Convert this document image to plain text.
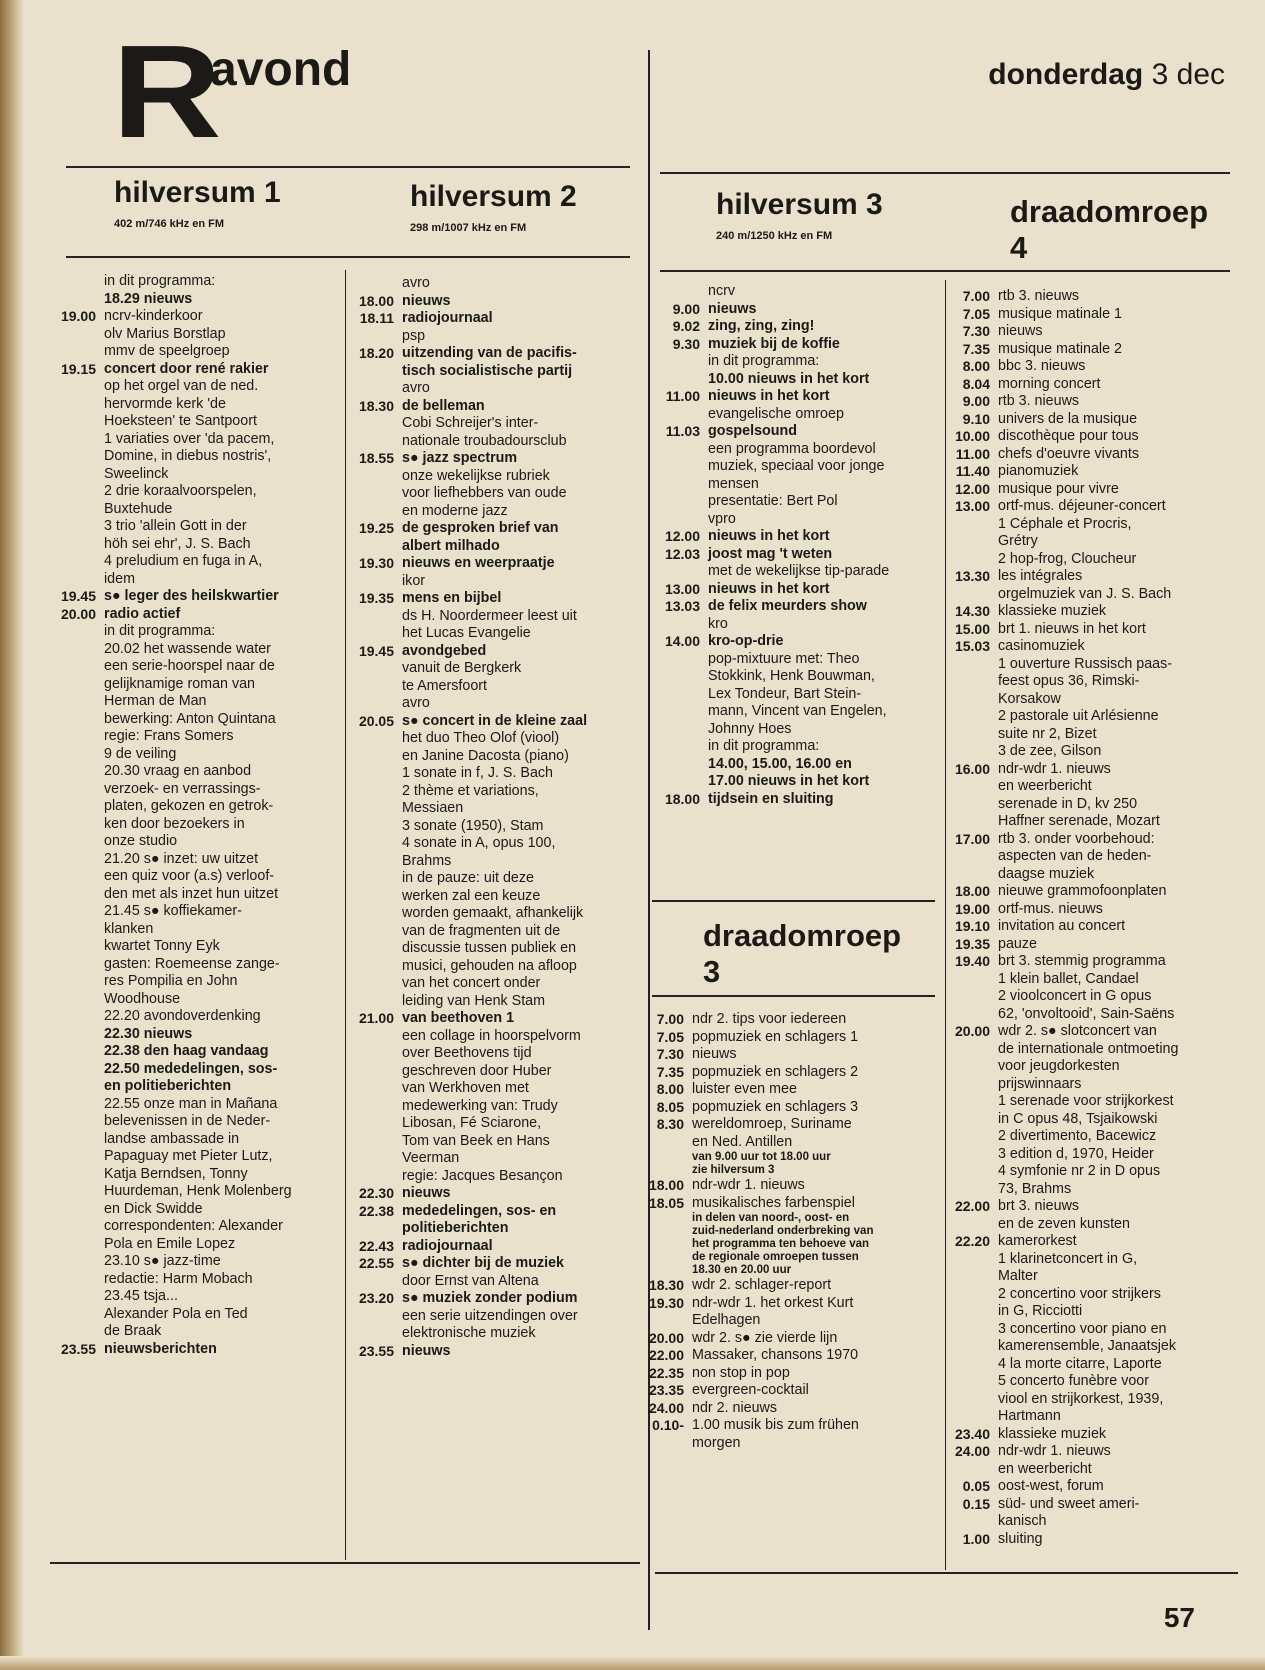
R
avond	donderdag 3 dec
hilversum 1
402 m/746 kHz en FM
hilversum 2
298 m/1007 kHz en FM
hilversum 3
240 m/1250 kHz en FM
draadomroep
4
draadomroep
3
in dit programma:
18.29 nieuws
19.00 ncrv-kinderkoor
olv Marius Borstlap
mmv de speelgroep
19.15 concert door rené rakier
op het orgel van de ned.
hervormde kerk 'de
Hoeksteen' te Santpoort
1 variaties over 'da pacem,
Domine, in diebus nostris',
Sweelinck
2 drie koraalvoorspelen,
Buxtehude
3 trio 'allein Gott in der
höh sei ehr', J. S. Bach
4 preludium en fuga in A,
idem
19.45 s● leger des heilskwartier
20.00 radio actief
in dit programma:
20.02 het wassende water
een serie-hoorspel naar de
gelijknamige roman van
Herman de Man
bewerking: Anton Quintana
regie: Frans Somers
9 de veiling
20.30 vraag en aanbod
verzoek- en verrassings-
platen, gekozen en getrok-
ken door bezoekers in
onze studio
21.20 s● inzet: uw uitzet
een quiz voor (a.s) verloof-
den met als inzet hun uitzet
21.45 s● koffiekamer-
klanken
kwartet Tonny Eyk
gasten: Roemeense zange-
res Pompilia en John
Woodhouse
22.20 avondoverdenking
22.30 nieuws
22.38 den haag vandaag
22.50 mededelingen, sos-
en politieberichten
22.55 onze man in Mañana
belevenissen in de Neder-
landse ambassade in
Papaguay met Pieter Lutz,
Katja Berndsen, Tonny
Huurdeman, Henk Molenberg
en Dick Swidde
correspondenten: Alexander
Pola en Emile Lopez
23.10 s● jazz-time
redactie: Harm Mobach
23.45 tsja...
Alexander Pola en Ted
de Braak
23.55 nieuwsberichten
avro
18.00 nieuws
18.11 radiojournaal
psp
18.20 uitzending van de pacifis-
tisch socialistische partij
avro
18.30 de belleman
Cobi Schreijer's inter-
nationale troubadoursclub
18.55 s● jazz spectrum
onze wekelijkse rubriek
voor liefhebbers van oude
en moderne jazz
19.25 de gesproken brief van
albert milhado
19.30 nieuws en weerpraatje
ikor
19.35 mens en bijbel
ds H. Noordermeer leest uit
het Lucas Evangelie
19.45 avondgebed
vanuit de Bergkerk
te Amersfoort
avro
20.05 s● concert in de kleine zaal
het duo Theo Olof (viool)
en Janine Dacosta (piano)
1 sonate in f, J. S. Bach
2 thème et variations,
Messiaen
3 sonate (1950), Stam
4 sonate in A, opus 100,
Brahms
in de pauze: uit deze
werken zal een keuze
worden gemaakt, afhankelijk
van de fragmenten uit de
discussie tussen publiek en
musici, gehouden na afloop
van het concert onder
leiding van Henk Stam
21.00 van beethoven 1
een collage in hoorspelvorm
over Beethovens tijd
geschreven door Huber
van Werkhoven met
medewerking van: Trudy
Libosan, Fé Sciarone,
Tom van Beek en Hans
Veerman
regie: Jacques Besançon
22.30 nieuws
22.38 mededelingen, sos- en
politieberichten
22.43 radiojournaal
22.55 s● dichter bij de muziek
door Ernst van Altena
23.20 s● muziek zonder podium
een serie uitzendingen over
elektronische muziek
23.55 nieuws
ncrv
9.00 nieuws
9.02 zing, zing, zing!
9.30 muziek bij de koffie
in dit programma:
10.00 nieuws in het kort
11.00 nieuws in het kort
evangelische omroep
11.03 gospelsound
een programma boordevol
muziek, speciaal voor jonge
mensen
presentatie: Bert Pol
vpro
12.00 nieuws in het kort
12.03 joost mag 't weten
met de wekelijkse tip-parade
13.00 nieuws in het kort
13.03 de felix meurders show
kro
14.00 kro-op-drie
pop-mixtuure met: Theo
Stokkink, Henk Bouwman,
Lex Tondeur, Bart Stein-
mann, Vincent van Engelen,
Johnny Hoes
in dit programma:
14.00, 15.00, 16.00 en
17.00 nieuws in het kort
18.00 tijdsein en sluiting
7.00 ndr 2. tips voor iedereen
7.05 popmuziek en schlagers 1
7.30 nieuws
7.35 popmuziek en schlagers 2
8.00 luister even mee
8.05 popmuziek en schlagers 3
8.30 wereldomroep, Suriname
en Ned. Antillen
van 9.00 uur tot 18.00 uur
zie hilversum 3
18.00 ndr-wdr 1. nieuws
18.05 musikalisches farbenspiel
in delen van noord-, oost- en
zuid-nederland onderbreking van
het programma ten behoeve van
de regionale omroepen tussen
18.30 en 20.00 uur
18.30 wdr 2. schlager-report
19.30 ndr-wdr 1. het orkest Kurt
Edelhagen
20.00 wdr 2. s● zie vierde lijn
22.00 Massaker, chansons 1970
22.35 non stop in pop
23.35 evergreen-cocktail
24.00 ndr 2. nieuws
0.10- 1.00 musik bis zum frühen
morgen
7.00 rtb 3. nieuws
7.05 musique matinale 1
7.30 nieuws
7.35 musique matinale 2
8.00 bbc 3. nieuws
8.04 morning concert
9.00 rtb 3. nieuws
9.10 univers de la musique
10.00 discothèque pour tous
11.00 chefs d'oeuvre vivants
11.40 pianomuziek
12.00 musique pour vivre
13.00 ortf-mus. déjeuner-concert
1 Céphale et Procris,
Grétry
2 hop-frog, Cloucheur
13.30 les intégrales
orgelmuziek van J. S. Bach
14.30 klassieke muziek
15.00 brt 1. nieuws in het kort
15.03 casinomuziek
1 ouverture Russisch paas-
feest opus 36, Rimski-
Korsakow
2 pastorale uit Arlésienne
suite nr 2, Bizet
3 de zee, Gilson
16.00 ndr-wdr 1. nieuws
en weerbericht
serenade in D, kv 250
Haffner serenade, Mozart
17.00 rtb 3. onder voorbehoud:
aspecten van de heden-
daagse muziek
18.00 nieuwe grammofoonplaten
19.00 ortf-mus. nieuws
19.10 invitation au concert
19.35 pauze
19.40 brt 3. stemmig programma
1 klein ballet, Candael
2 vioolconcert in G opus
62, 'onvoltooid', Sain-Saëns
20.00 wdr 2. s● slotconcert van
de internationale ontmoeting
voor jeugdorkesten
prijswinnaars
1 serenade voor strijkorkest
in C opus 48, Tsjaikowski
2 divertimento, Bacewicz
3 edition d, 1970, Heider
4 symfonie nr 2 in D opus
73, Brahms
22.00 brt 3. nieuws
en de zeven kunsten
22.20 kamerorkest
1 klarinetconcert in G,
Malter
2 concertino voor strijkers
in G, Ricciotti
3 concertino voor piano en
kamerensemble, Janaatsjek
4 la morte citarre, Laporte
5 concerto funèbre voor
viool en strijkorkest, 1939,
Hartmann
23.40 klassieke muziek
24.00 ndr-wdr 1. nieuws
en weerbericht
0.05 oost-west, forum
0.15 süd- und sweet ameri-
kanisch
1.00 sluiting
57
